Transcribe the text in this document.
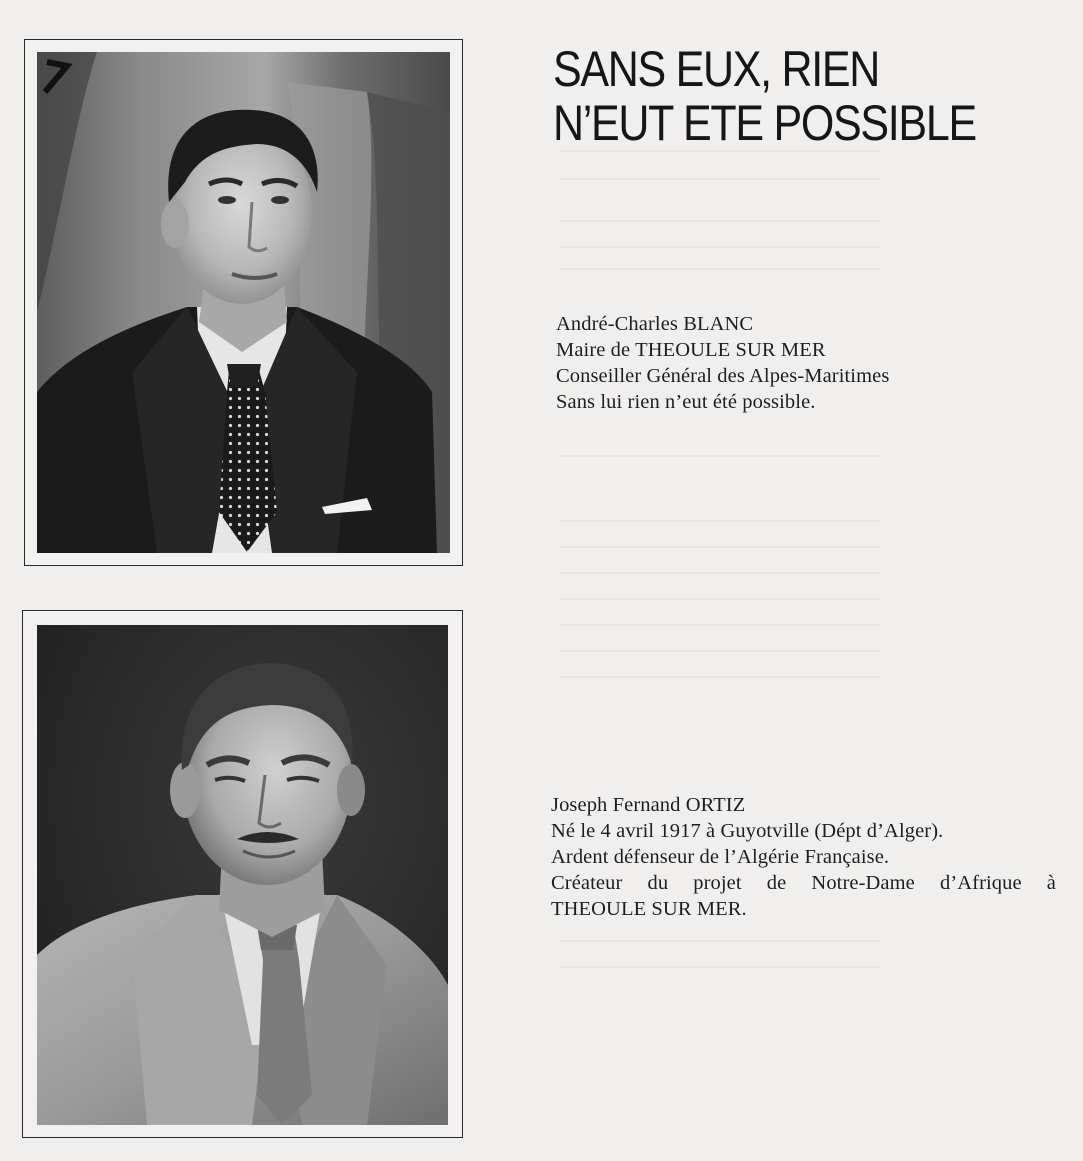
SANS EUX, RIEN
N’EUT ETE POSSIBLE
André-Charles BLANC
Maire de THEOULE SUR MER
Conseiller Général des Alpes-Maritimes
Sans lui rien n’eut été possible.
Joseph Fernand ORTIZ
Né le 4 avril 1917 à Guyotville (Dépt d’Alger).
Ardent défenseur de l’Algérie Française.
Créateur du projet de Notre-Dame d’Afrique à
THEOULE SUR MER.
